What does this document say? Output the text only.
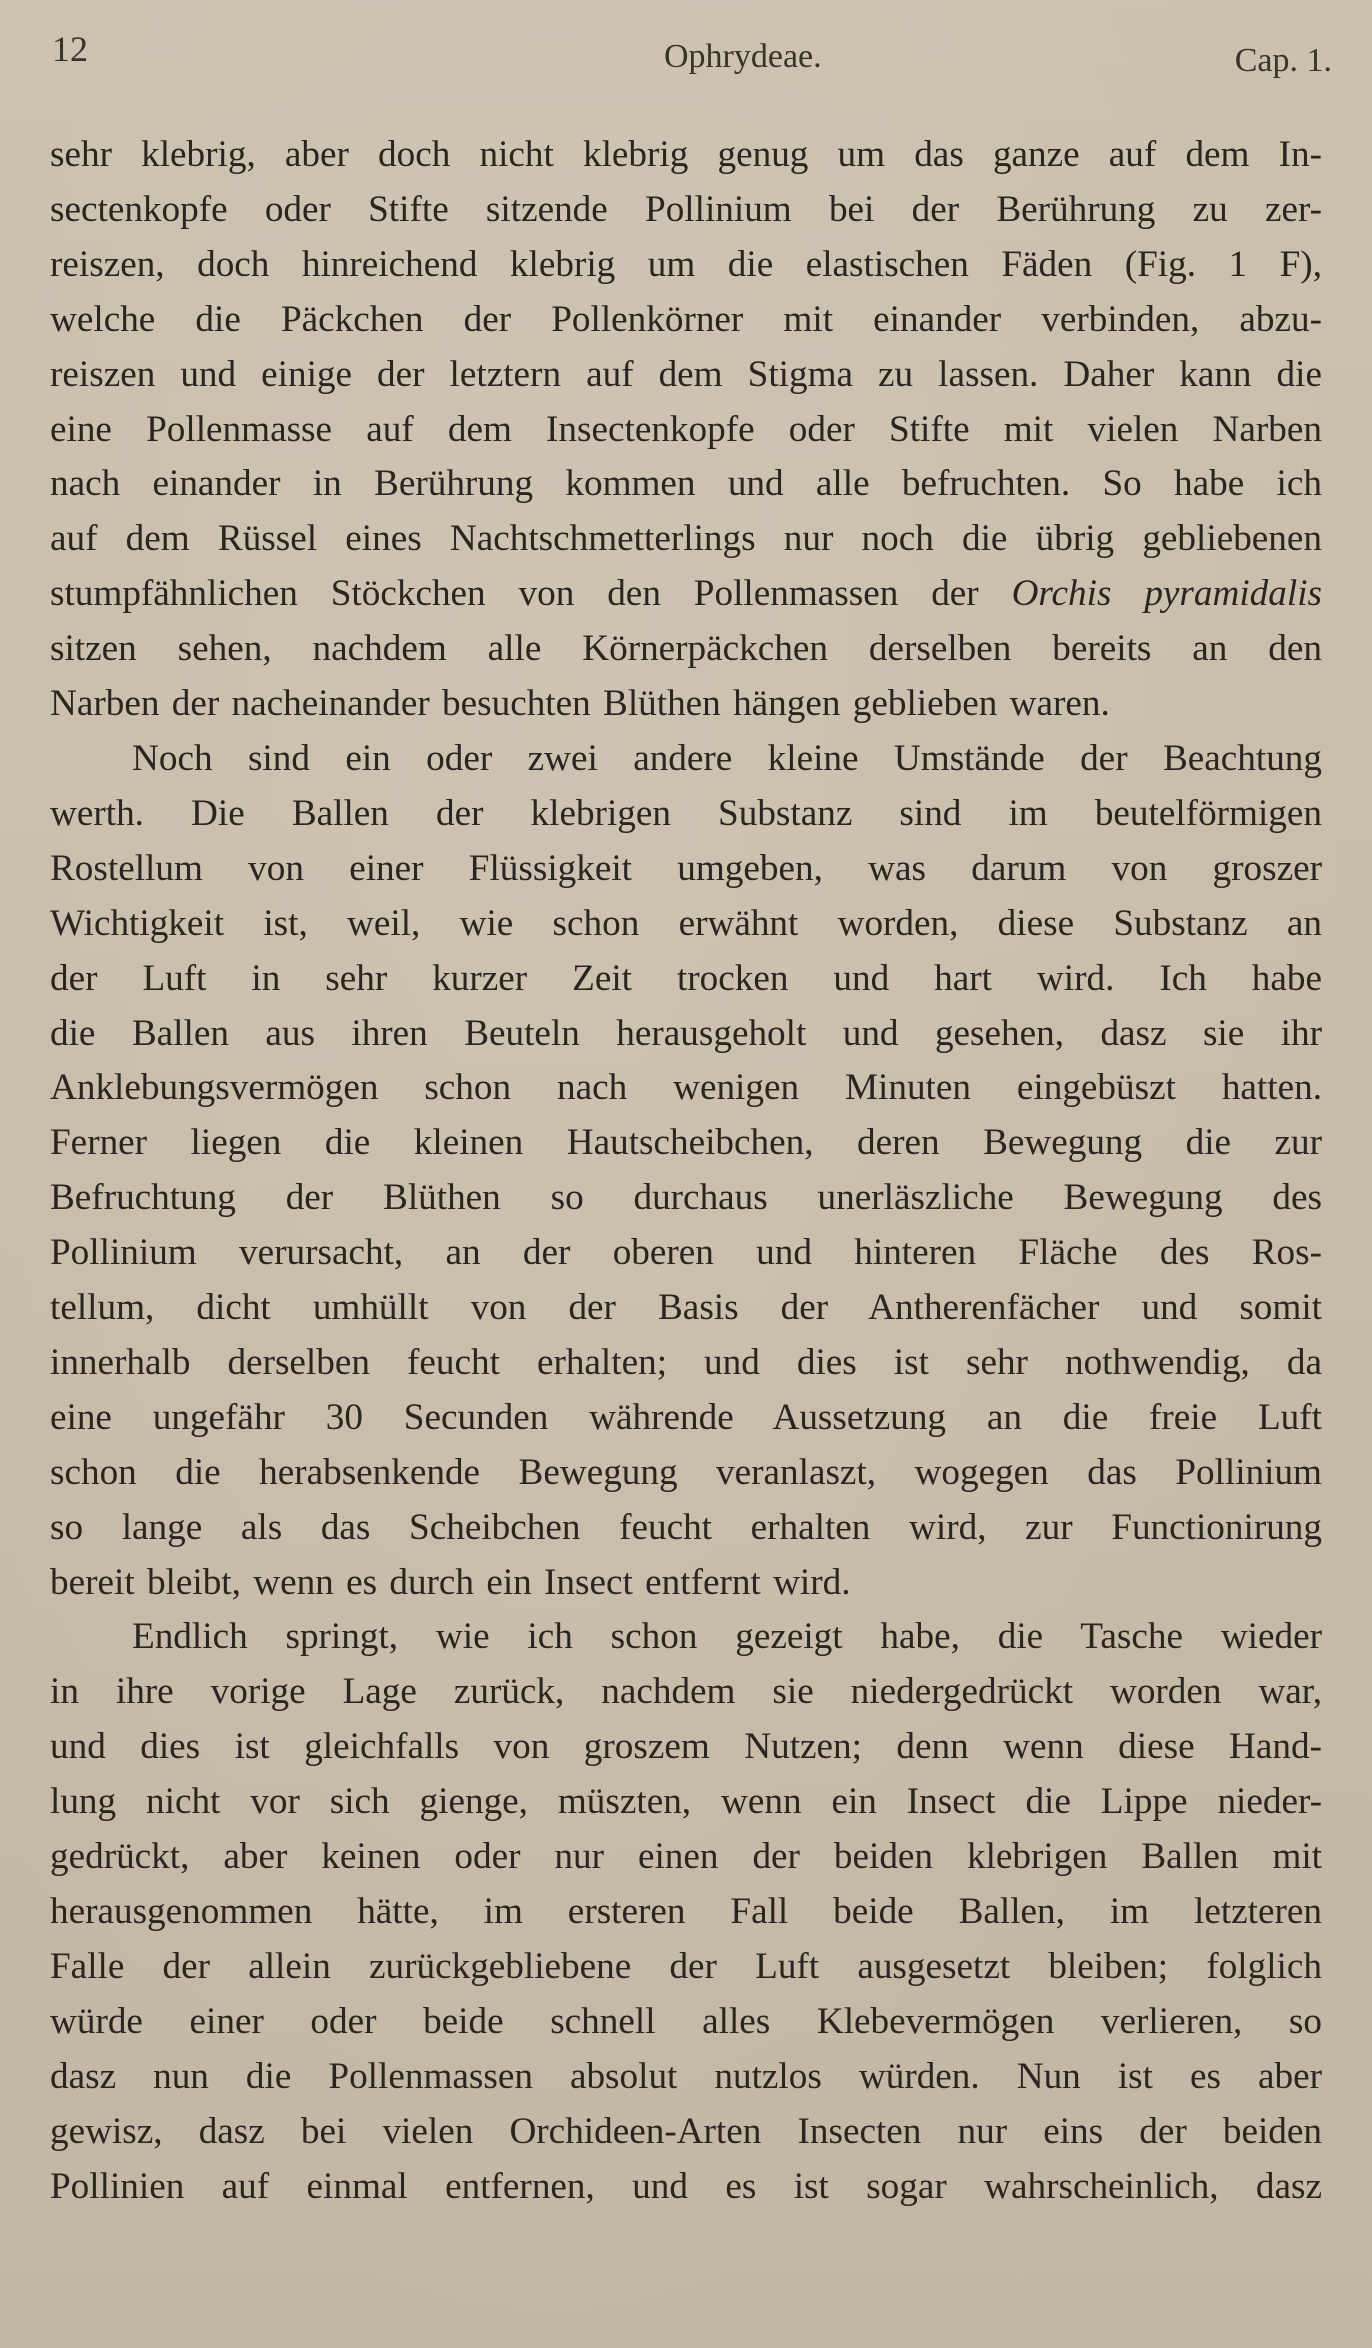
12	Ophrydeae.	Cap. 1.

sehr klebrig, aber doch nicht klebrig genug um das ganze auf dem In-
sectenkopfe oder Stifte sitzende Pollinium bei der Berührung zu zer-
reiszen, doch hinreichend klebrig um die elastischen Fäden (Fig. 1 F),
welche die Päckchen der Pollenkörner mit einander verbinden, abzu-
reiszen und einige der letztern auf dem Stigma zu lassen. Daher kann die
eine Pollenmasse auf dem Insectenkopfe oder Stifte mit vielen Narben
nach einander in Berührung kommen und alle befruchten. So habe ich
auf dem Rüssel eines Nachtschmetterlings nur noch die übrig gebliebenen
stumpfähnlichen Stöckchen von den Pollenmassen der Orchis pyramidalis
sitzen sehen, nachdem alle Körnerpäckchen derselben bereits an den
Narben der nacheinander besuchten Blüthen hängen geblieben waren.

Noch sind ein oder zwei andere kleine Umstände der Beachtung
werth. Die Ballen der klebrigen Substanz sind im beutelförmigen
Rostellum von einer Flüssigkeit umgeben, was darum von groszer
Wichtigkeit ist, weil, wie schon erwähnt worden, diese Substanz an
der Luft in sehr kurzer Zeit trocken und hart wird. Ich habe
die Ballen aus ihren Beuteln herausgeholt und gesehen, dasz sie ihr
Anklebungsvermögen schon nach wenigen Minuten eingebüszt hatten.
Ferner liegen die kleinen Hautscheibchen, deren Bewegung die zur
Befruchtung der Blüthen so durchaus unerläszliche Bewegung des
Pollinium verursacht, an der oberen und hinteren Fläche des Ros-
tellum, dicht umhüllt von der Basis der Antherenfächer und somit
innerhalb derselben feucht erhalten; und dies ist sehr nothwendig, da
eine ungefähr 30 Secunden währende Aussetzung an die freie Luft
schon die herabsenkende Bewegung veranlaszt, wogegen das Pollinium
so lange als das Scheibchen feucht erhalten wird, zur Functionirung
bereit bleibt, wenn es durch ein Insect entfernt wird.

Endlich springt, wie ich schon gezeigt habe, die Tasche wieder
in ihre vorige Lage zurück, nachdem sie niedergedrückt worden war,
und dies ist gleichfalls von groszem Nutzen; denn wenn diese Hand-
lung nicht vor sich gienge, müszten, wenn ein Insect die Lippe nieder-
gedrückt, aber keinen oder nur einen der beiden klebrigen Ballen mit
herausgenommen hätte, im ersteren Fall beide Ballen, im letzteren
Falle der allein zurückgebliebene der Luft ausgesetzt bleiben; folglich
würde einer oder beide schnell alles Klebevermögen verlieren, so
dasz nun die Pollenmassen absolut nutzlos würden. Nun ist es aber
gewisz, dasz bei vielen Orchideen-Arten Insecten nur eins der beiden
Pollinien auf einmal entfernen, und es ist sogar wahrscheinlich, dasz
